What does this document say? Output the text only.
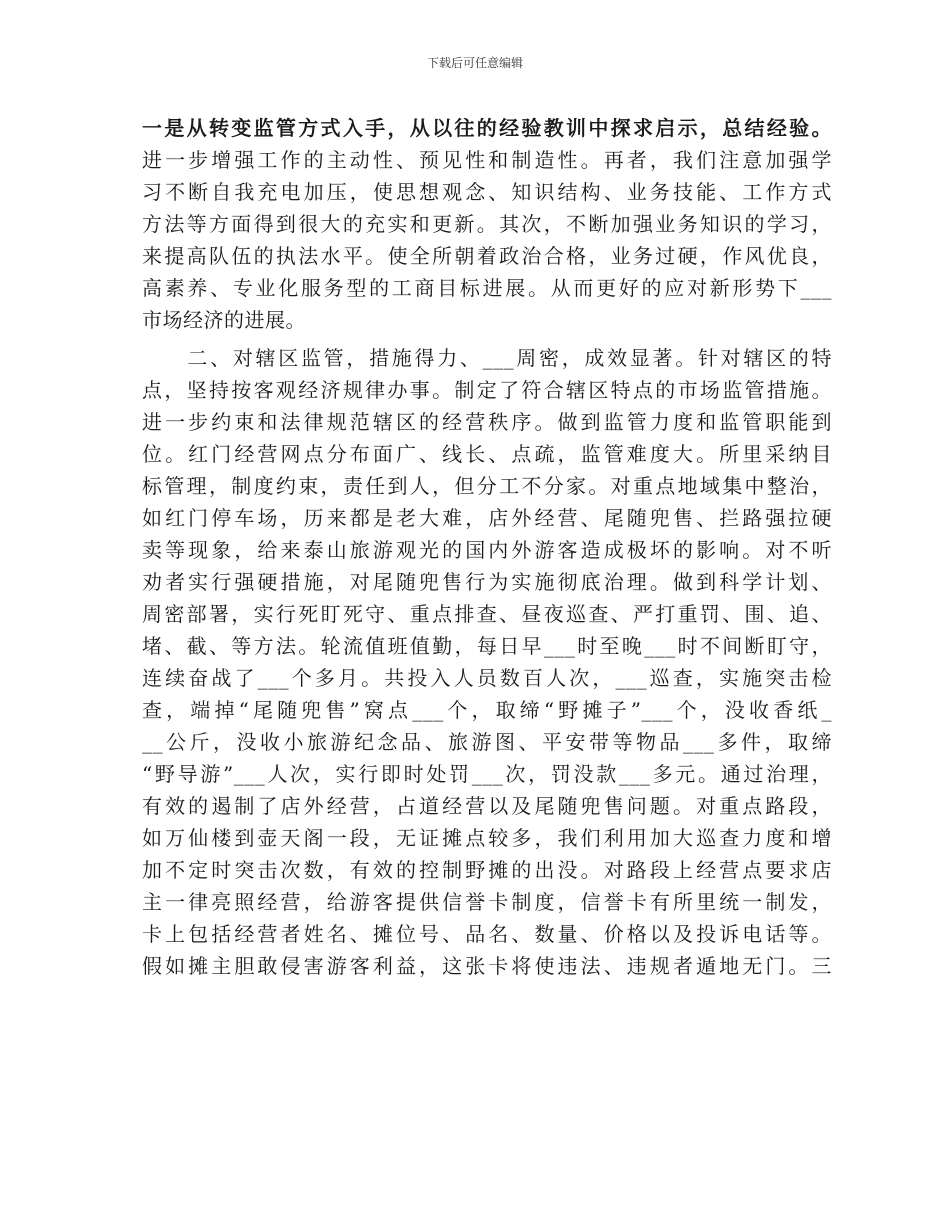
下载后可任意编辑
一是从转变监管方式入手，从以往的经验教训中探求启示，总结经验。
进一步增强工作的主动性、预见性和制造性。再者，我们注意加强学
习不断自我充电加压，使思想观念、知识结构、业务技能、工作方式
方法等方面得到很大的充实和更新。其次，不断加强业务知识的学习，
来提高队伍的执法水平。使全所朝着政治合格，业务过硬，作风优良，
高素养、专业化服务型的工商目标进展。从而更好的应对新形势下___
市场经济的进展。
　　二、对辖区监管，措施得力、___周密，成效显著。针对辖区的特
点，坚持按客观经济规律办事。制定了符合辖区特点的市场监管措施。
进一步约束和法律规范辖区的经营秩序。做到监管力度和监管职能到
位。红门经营网点分布面广、线长、点疏，监管难度大。所里采纳目
标管理，制度约束，责任到人，但分工不分家。对重点地域集中整治，
如红门停车场，历来都是老大难，店外经营、尾随兜售、拦路强拉硬
卖等现象，给来泰山旅游观光的国内外游客造成极坏的影响。对不听
劝者实行强硬措施，对尾随兜售行为实施彻底治理。做到科学计划、
周密部署，实行死盯死守、重点排查、昼夜巡查、严打重罚、围、追、
堵、截、等方法。轮流值班值勤，每日早___时至晚___时不间断盯守，
连续奋战了___个多月。共投入人员数百人次，___巡查，实施突击检
查，端掉“尾随兜售”窝点___个，取缔“野摊子”___个，没收香纸_
__公斤，没收小旅游纪念品、旅游图、平安带等物品___多件，取缔
“野导游”___人次，实行即时处罚___次，罚没款___多元。通过治理，
有效的遏制了店外经营，占道经营以及尾随兜售问题。对重点路段，
如万仙楼到壶天阁一段，无证摊点较多，我们利用加大巡查力度和增
加不定时突击次数，有效的控制野摊的出没。对路段上经营点要求店
主一律亮照经营，给游客提供信誉卡制度，信誉卡有所里统一制发，
卡上包括经营者姓名、摊位号、品名、数量、价格以及投诉电话等。
假如摊主胆敢侵害游客利益，这张卡将使违法、违规者遁地无门。三
